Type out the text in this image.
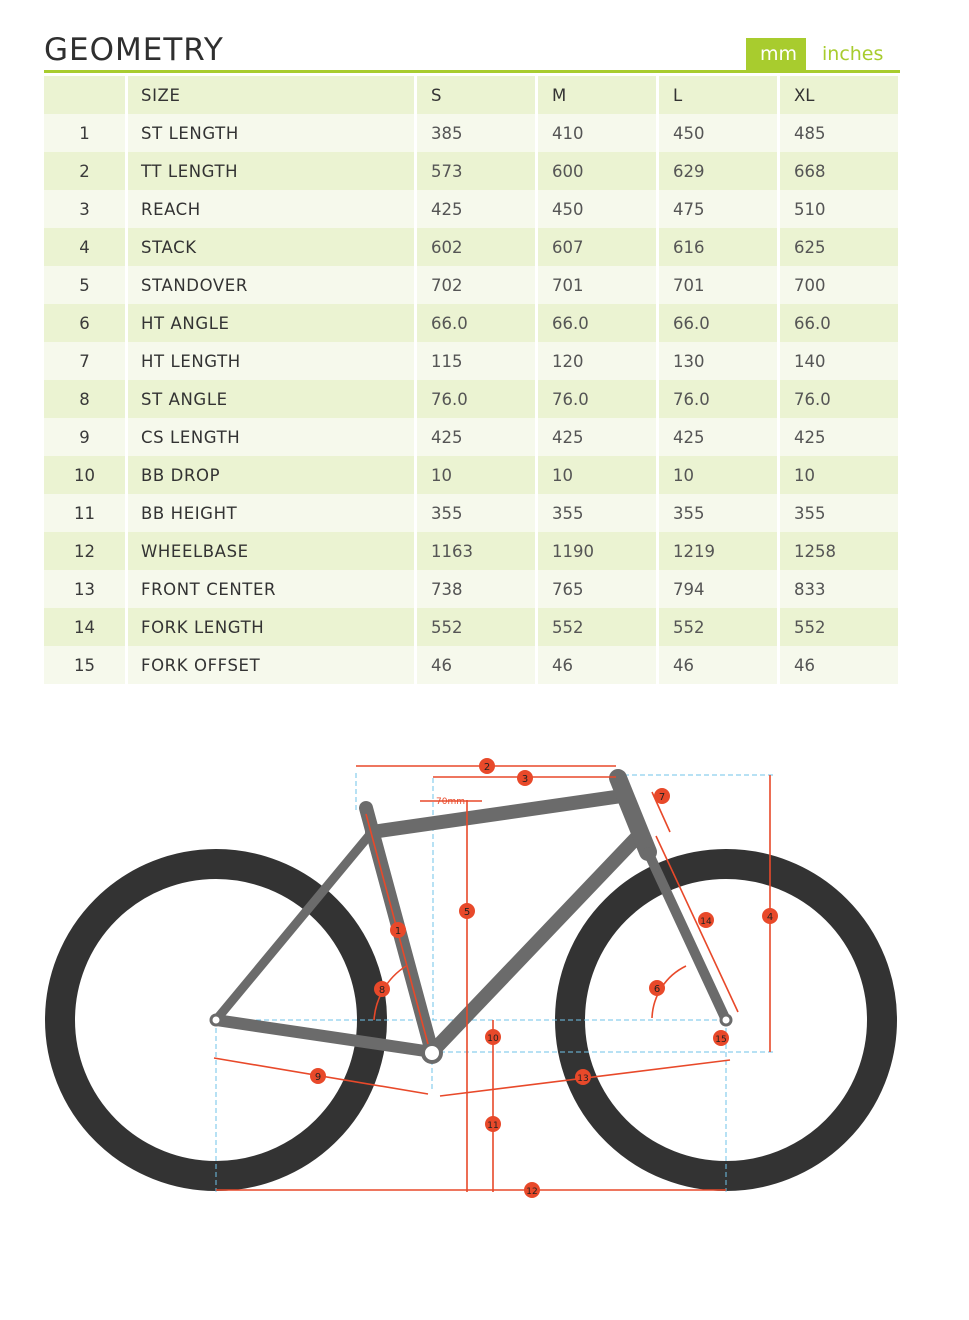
GEOMETRY	mm	inches
	SIZE	S	M	L	XL
1	ST LENGTH	385	410	450	485
2	TT LENGTH	573	600	629	668
3	REACH	425	450	475	510
4	STACK	602	607	616	625
5	STANDOVER	702	701	701	700
6	HT ANGLE	66.0	66.0	66.0	66.0
7	HT LENGTH	115	120	130	140
8	ST ANGLE	76.0	76.0	76.0	76.0
9	CS LENGTH	425	425	425	425
10	BB DROP	10	10	10	10
11	BB HEIGHT	355	355	355	355
12	WHEELBASE	1163	1190	1219	1258
13	FRONT CENTER	738	765	794	833
14	FORK LENGTH	552	552	552	552
15	FORK OFFSET	46	46	46	46
70mm
1
2
3
4
5
6
7
8
9
10
11
12
13
14
15
